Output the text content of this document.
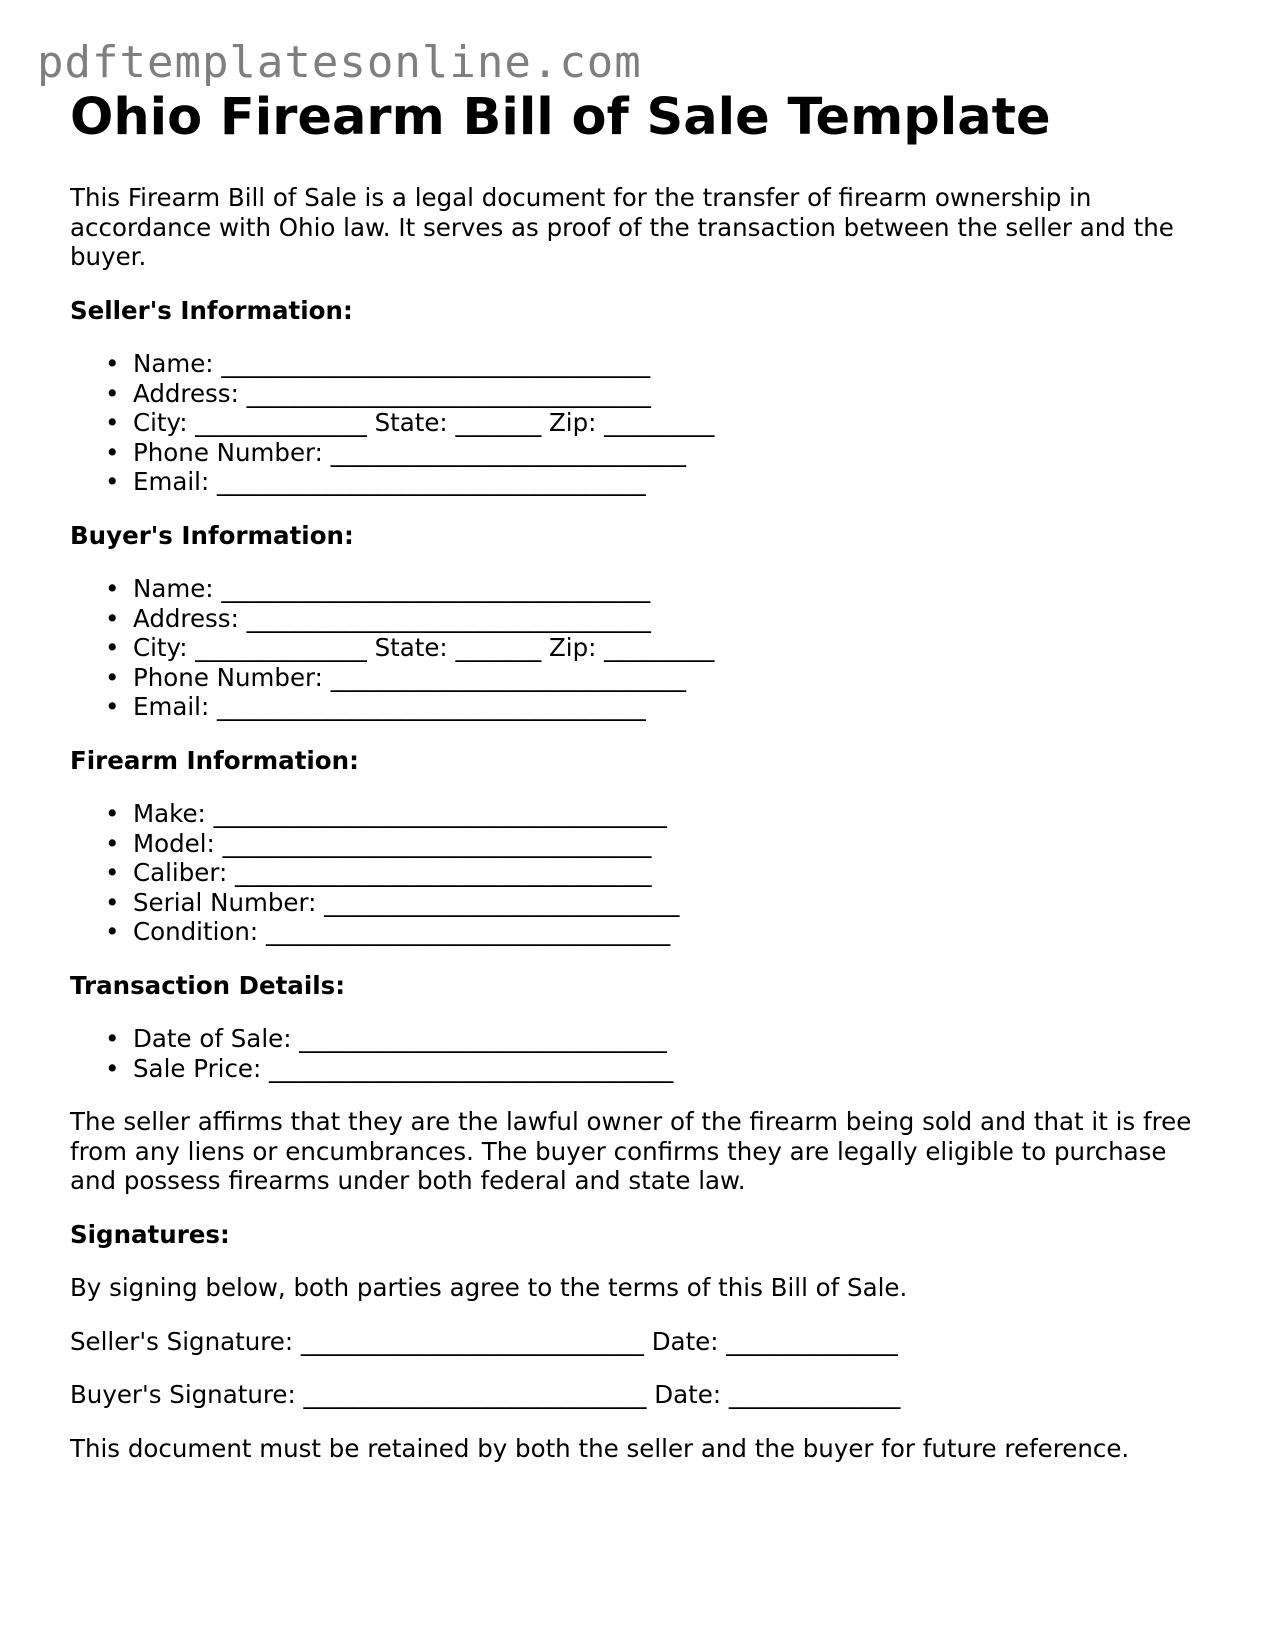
pdftemplatesonline.com
Ohio Firearm Bill of Sale Template

This Firearm Bill of Sale is a legal document for the transfer of firearm ownership in accordance with Ohio law. It serves as proof of the transaction between the seller and the buyer.

Seller's Information:
• Name: ___________________________________
• Address: _________________________________
• City: ______________ State: _______ Zip: _________
• Phone Number: _____________________________
• Email: ___________________________________
Buyer's Information:
• Name: ___________________________________
• Address: _________________________________
• City: ______________ State: _______ Zip: _________
• Phone Number: _____________________________
• Email: ___________________________________
Firearm Information:
• Make: _____________________________________
• Model: ___________________________________
• Caliber: __________________________________
• Serial Number: _____________________________
• Condition: _________________________________
Transaction Details:
• Date of Sale: ______________________________
• Sale Price: _________________________________

The seller affirms that they are the lawful owner of the firearm being sold and that it is free from any liens or encumbrances. The buyer confirms they are legally eligible to purchase and possess firearms under both federal and state law.

Signatures:

By signing below, both parties agree to the terms of this Bill of Sale.

Seller's Signature: ____________________________ Date: ______________

Buyer's Signature: ____________________________ Date: ______________

This document must be retained by both the seller and the buyer for future reference.
